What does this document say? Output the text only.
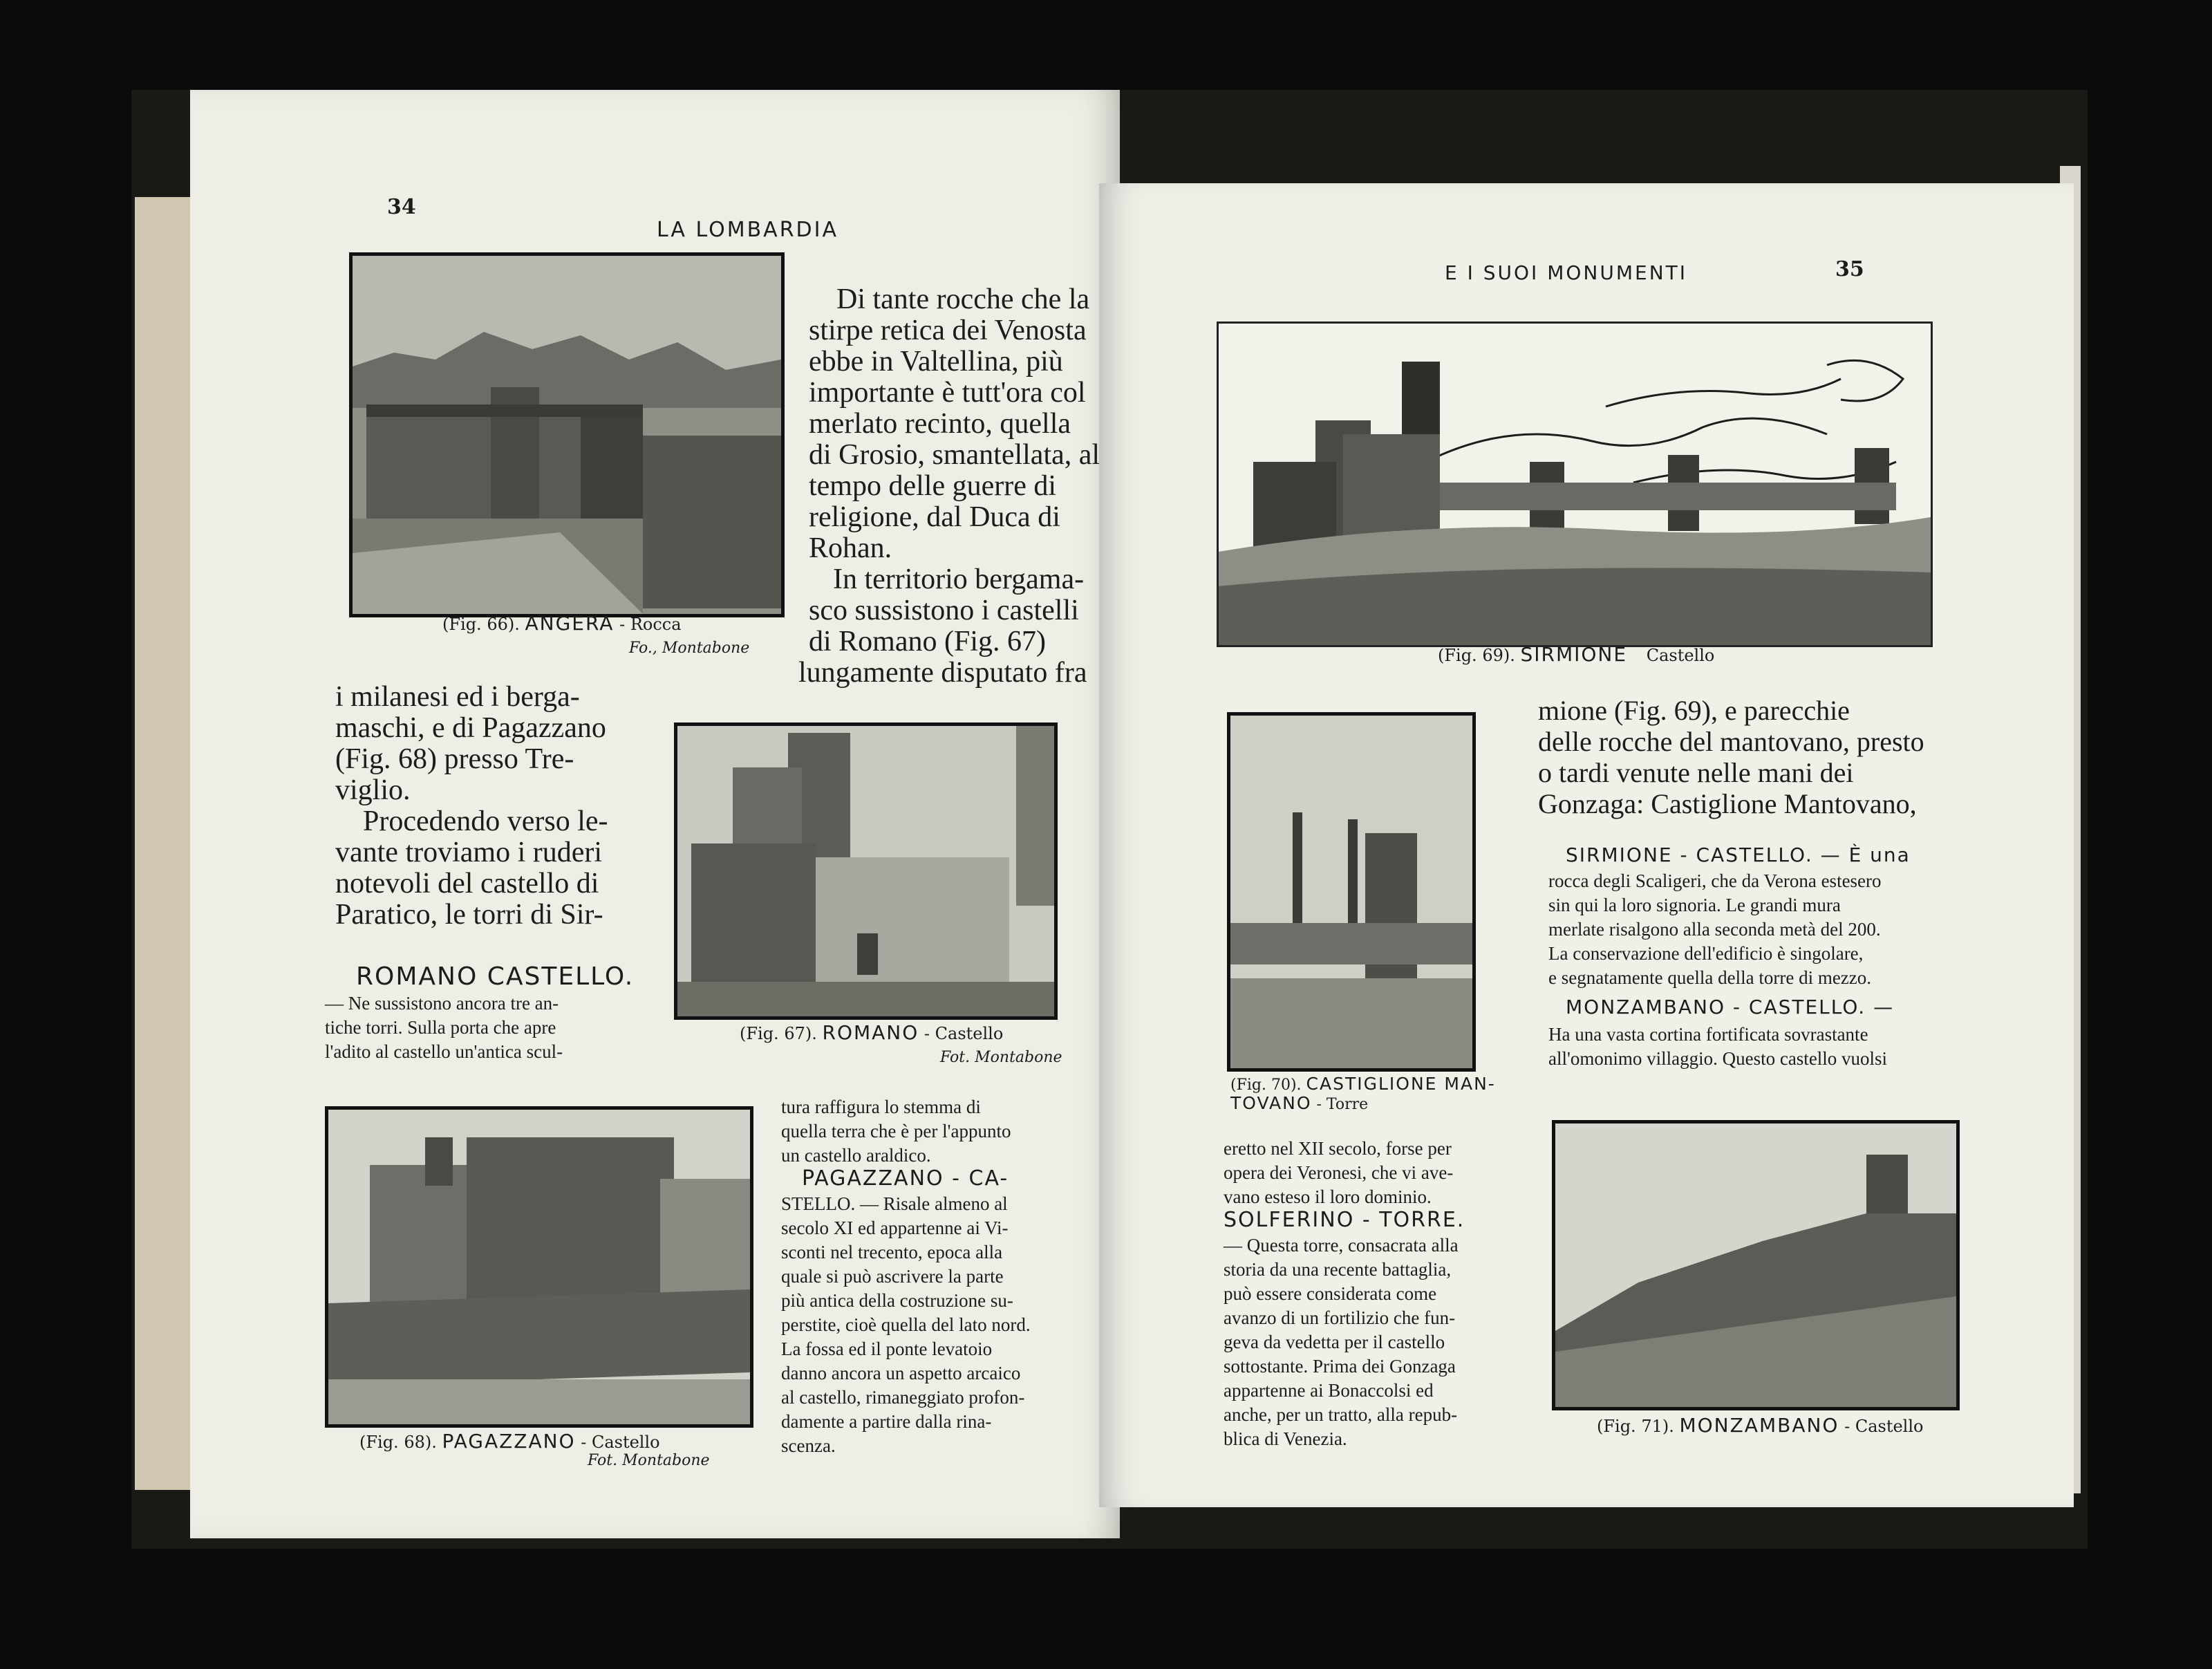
34
LA LOMBARDIA
(Fig. 66). ANGERA - Rocca
Fo., Montabone
Di tante rocche che la
stirpe retica dei Venosta
ebbe in Valtellina, più
importante è tutt'ora col
merlato recinto, quella
di Grosio, smantellata, al
tempo delle guerre di
religione, dal Duca di
Rohan.
In territorio bergama-
sco sussistono i castelli
di Romano (Fig. 67)
lungamente disputato fra
i milanesi ed i berga-
maschi, e di Pagazzano
(Fig. 68) presso Tre-
viglio.
Procedendo verso le-
vante troviamo i ruderi
notevoli del castello di
Paratico, le torri di Sir-
(Fig. 67). ROMANO - Castello
Fot. Montabone
ROMANO CASTELLO.
— Ne sussistono ancora tre an-
tiche torri. Sulla porta che apre
l'adito al castello un'antica scul-
(Fig. 68). PAGAZZANO - Castello
Fot. Montabone
tura raffigura lo stemma di
quella terra che è per l'appunto
un castello araldico.
PAGAZZANO - CA-
STELLO. — Risale almeno al
secolo XI ed appartenne ai Vi-
sconti nel trecento, epoca alla
quale si può ascrivere la parte
più antica della costruzione su-
perstite, cioè quella del lato nord.
La fossa ed il ponte levatoio
danno ancora un aspetto arcaico
al castello, rimaneggiato profon-
damente a partire dalla rina-
scenza.
E I SUOI MONUMENTI	35
(Fig. 69). SIRMIONE Castello
(Fig. 70). CASTIGLIONE MAN-
TOVANO - Torre
mione (Fig. 69), e parecchie
delle rocche del mantovano, presto
o tardi venute nelle mani dei
Gonzaga: Castiglione Mantovano,
SIRMIONE - CASTELLO. — È una
rocca degli Scaligeri, che da Verona estesero
sin qui la loro signoria. Le grandi mura
merlate risalgono alla seconda metà del 200.
La conservazione dell'edificio è singolare,
e segnatamente quella della torre di mezzo.
MONZAMBANO - CASTELLO. —
Ha una vasta cortina fortificata sovrastante
all'omonimo villaggio. Questo castello vuolsi
eretto nel XII secolo, forse per
opera dei Veronesi, che vi ave-
vano esteso il loro dominio.
SOLFERINO - TORRE.
— Questa torre, consacrata alla
storia da una recente battaglia,
può essere considerata come
avanzo di un fortilizio che fun-
geva da vedetta per il castello
sottostante. Prima dei Gonzaga
appartenne ai Bonaccolsi ed
anche, per un tratto, alla repub-
blica di Venezia.
(Fig. 71). MONZAMBANO - Castello
